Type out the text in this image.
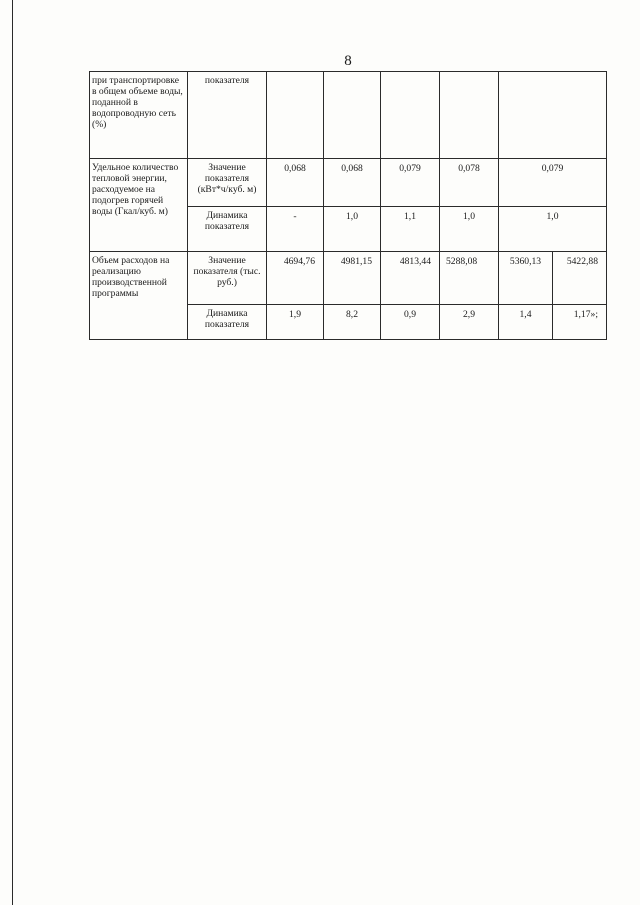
8
при транспортировке в общем объеме воды, поданной в водопроводную сеть (%)	показателя						
Удельное количество тепловой энергии, расходуемое на подогрев горячей воды (Гкал/куб. м)	Значение показателя (кВт*ч/куб. м)	0,068	0,068	0,079	0,078	0,079	
	Динамика показателя	-	1,0	1,1	1,0	1,0	
Объем расходов на реализацию производственной программы	Значение показателя (тыс. руб.)	4694,76	4981,15	4813,44	5288,08	5360,13	5422,88
	Динамика показателя	1,9	8,2	0,9	2,9	1,4	1,17»;
